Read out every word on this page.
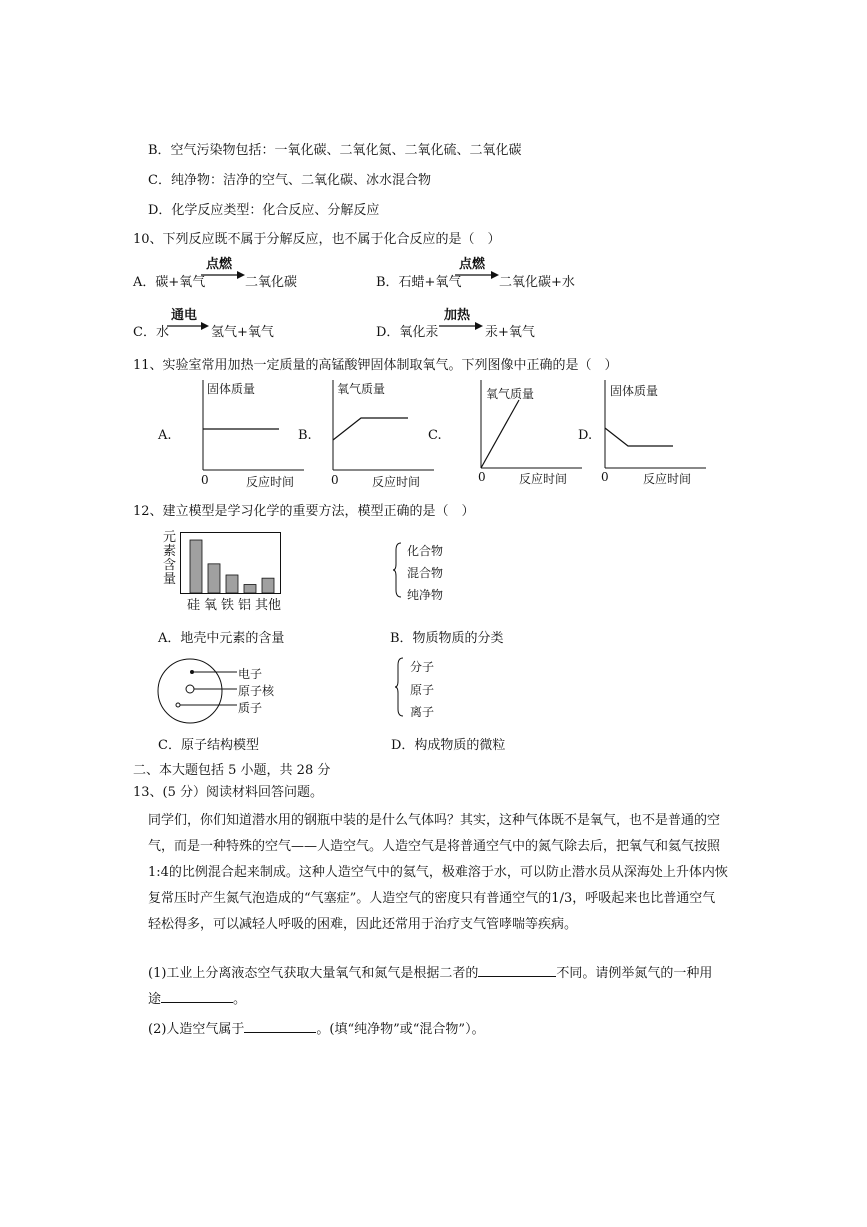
B．空气污染物包括：一氧化碳、二氧化氮、二氧化硫、二氧化碳
C．纯净物：洁净的空气、二氧化碳、冰水混合物
D．化学反应类型：化合反应、分解反应
10、下列反应既不属于分解反应，也不属于化合反应的是（　）
A．碳+氧气
点燃
→ 二氧化碳	B．石蜡+氧气
点燃
→ 二氧化碳+水
C．水
通电
→ 氢气+氧气	D．氧化汞
加热
→ 汞+氧气
11、实验室常用加热一定质量的高锰酸钾固体制取氧气。下列图像中正确的是（　）
A.
固体质量
0	反应时间
B.
氧气质量
0	反应时间
C.
氧气质量
0	反应时间
D.
固体质量
0	反应时间
12、建立模型是学习化学的重要方法，模型正确的是（　）
元
素
含
量
硅 氧 铁 铝 其他
A．地壳中元素的含量
化合物
混合物
纯净物
B．物质物质的分类
电子
原子核
质子
C．原子结构模型
分子
原子
离子
D．构成物质的微粒
二、本大题包括 5 小题，共 28 分
13、(5 分）阅读材料回答问题。
同学们，你们知道潜水用的钢瓶中装的是什么气体吗？其实，这种气体既不是氧气，也不是普通的空气，而是一种特殊的空气——人造空气。人造空气是将普通空气中的氮气除去后，把氧气和氦气按照1:4的比例混合起来制成。这种人造空气中的氦气，极难溶于水，可以防止潜水员从深海处上升体内恢复常压时产生氮气泡造成的“气塞症”。人造空气的密度只有普通空气的1/3，呼吸起来也比普通空气轻松得多，可以减轻人呼吸的困难，因此还常用于治疗支气管哮喘等疾病。
(1)工业上分离液态空气获取大量氧气和氮气是根据二者的	不同。请例举氮气的一种用
途	。
(2)人造空气属于	。(填“纯净物”或“混合物”）。
